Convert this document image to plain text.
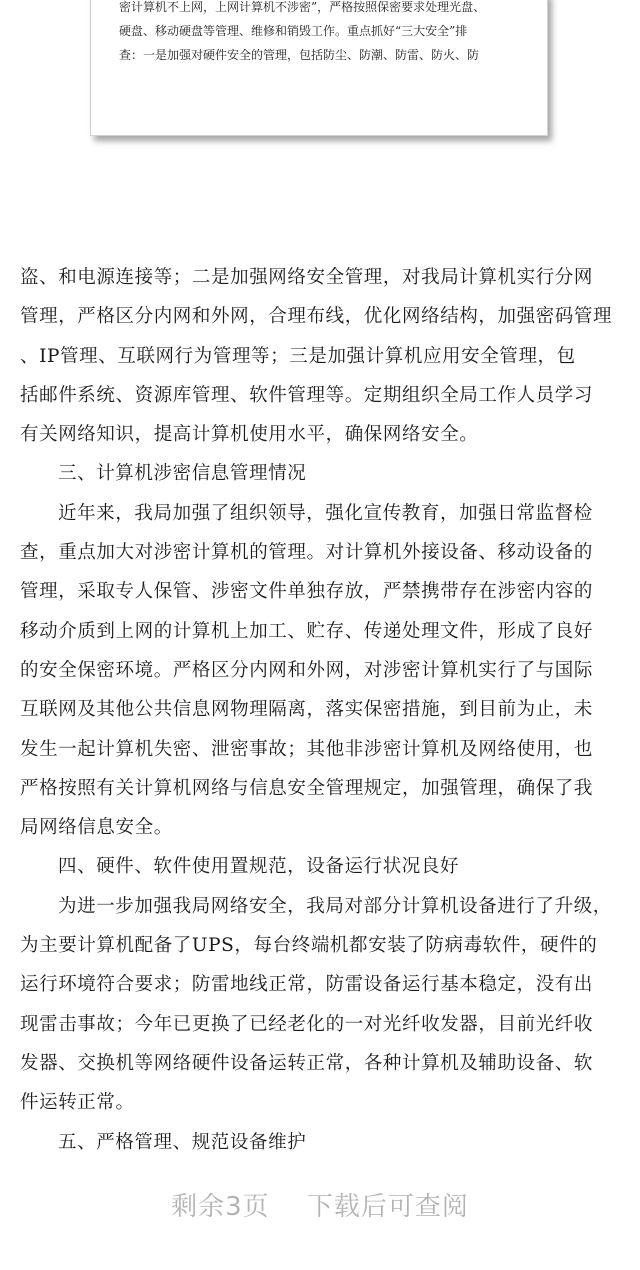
密计算机不上网，上网计算机不涉密”，严格按照保密要求处理光盘、
硬盘、移动硬盘等管理、维修和销毁工作。重点抓好“三大安全”排
查：一是加强对硬件安全的管理，包括防尘、防潮、防雷、防火、防
盗、和电源连接等；二是加强网络安全管理，对我局计算机实行分网
管理，严格区分内网和外网，合理布线，优化网络结构，加强密码管理
、IP管理、互联网行为管理等；三是加强计算机应用安全管理，包
括邮件系统、资源库管理、软件管理等。定期组织全局工作人员学习
有关网络知识，提高计算机使用水平，确保网络安全。
三、计算机涉密信息管理情况
近年来，我局加强了组织领导，强化宣传教育，加强日常监督检
查，重点加大对涉密计算机的管理。对计算机外接设备、移动设备的
管理，采取专人保管、涉密文件单独存放，严禁携带存在涉密内容的
移动介质到上网的计算机上加工、贮存、传递处理文件，形成了良好
的安全保密环境。严格区分内网和外网，对涉密计算机实行了与国际
互联网及其他公共信息网物理隔离，落实保密措施，到目前为止，未
发生一起计算机失密、泄密事故；其他非涉密计算机及网络使用，也
严格按照有关计算机网络与信息安全管理规定，加强管理，确保了我
局网络信息安全。
四、硬件、软件使用置规范，设备运行状况良好
为进一步加强我局网络安全，我局对部分计算机设备进行了升级，
为主要计算机配备了UPS，每台终端机都安装了防病毒软件，硬件的
运行环境符合要求；防雷地线正常，防雷设备运行基本稳定，没有出
现雷击事故；今年已更换了已经老化的一对光纤收发器，目前光纤收
发器、交换机等网络硬件设备运转正常，各种计算机及辅助设备、软
件运转正常。
五、严格管理、规范设备维护
剩余3页 下载后可查阅
